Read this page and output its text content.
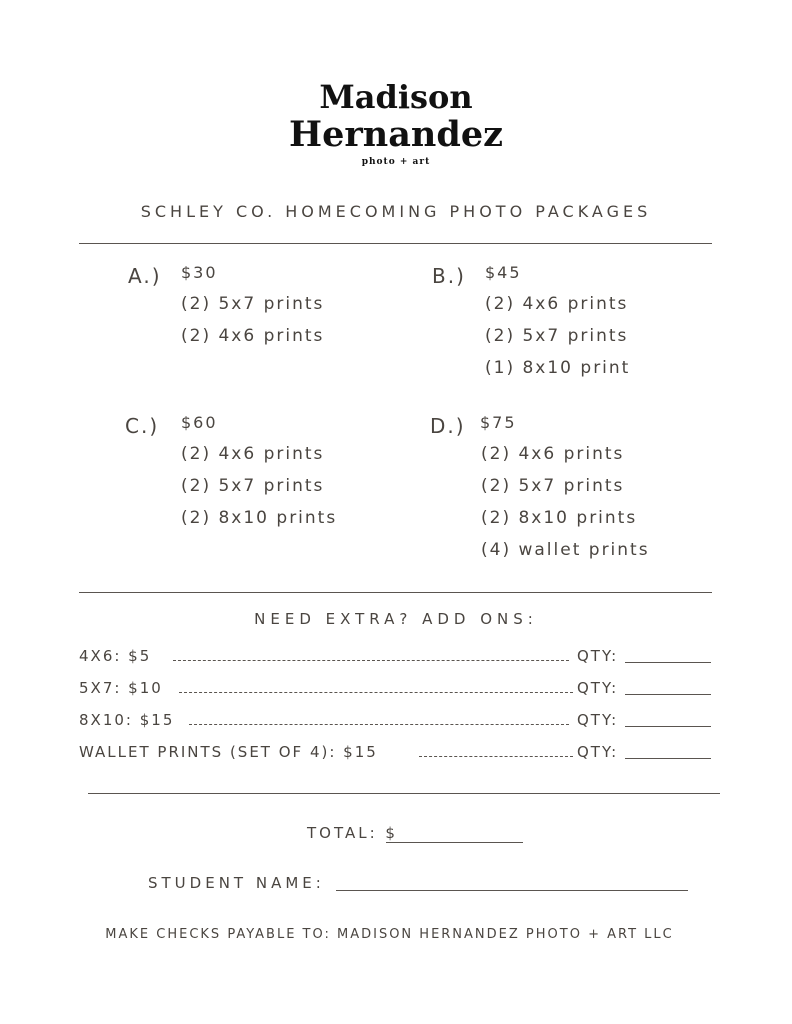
Madison
Hernandez
photo + art
SCHLEY CO. HOMECOMING PHOTO PACKAGES
A.) $30
(2) 5x7 prints
(2) 4x6 prints
B.) $45
(2) 4x6 prints
(2) 5x7 prints
(1) 8x10 print
C.) $60
(2) 4x6 prints
(2) 5x7 prints
(2) 8x10 prints
D.) $75
(2) 4x6 prints
(2) 5x7 prints
(2) 8x10 prints
(4) wallet prints
NEED EXTRA? ADD ONS:
4X6: $5	QTY:
5X7: $10	QTY:
8X10: $15	QTY:
WALLET PRINTS (SET OF 4): $15	QTY:
TOTAL: $
STUDENT NAME:
MAKE CHECKS PAYABLE TO: MADISON HERNANDEZ PHOTO + ART LLC
